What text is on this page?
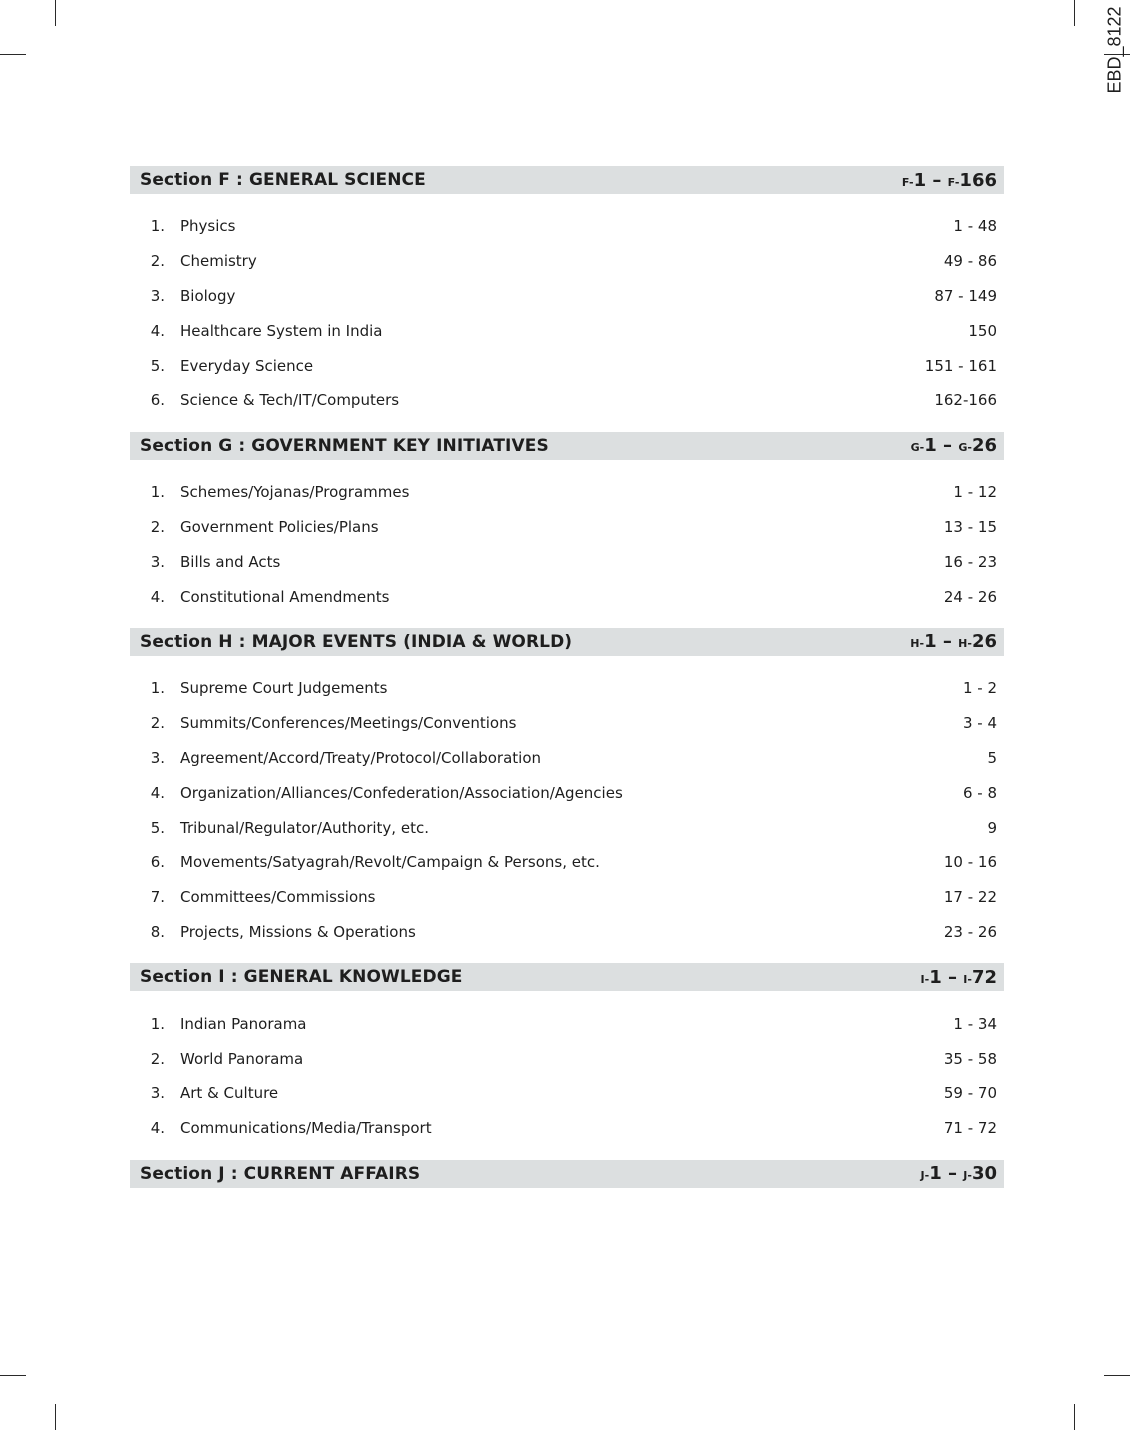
EBD_8122
Section F : GENERAL SCIENCE	F-1 – F-166
1.	Physics	1 - 48
2.	Chemistry	49 - 86
3.	Biology	87 - 149
4.	Healthcare System in India	150
5.	Everyday Science	151 - 161
6.	Science & Tech/IT/Computers	162-166
Section G : GOVERNMENT KEY INITIATIVES	G-1 – G-26
1.	Schemes/Yojanas/Programmes	1 - 12
2.	Government Policies/Plans	13 - 15
3.	Bills and Acts	16 - 23
4.	Constitutional Amendments	24 - 26
Section H : MAJOR EVENTS (INDIA & WORLD)	H-1 – H-26
1.	Supreme Court Judgements	1 - 2
2.	Summits/Conferences/Meetings/Conventions	3 - 4
3.	Agreement/Accord/Treaty/Protocol/Collaboration	5
4.	Organization/Alliances/Confederation/Association/Agencies	6 - 8
5.	Tribunal/Regulator/Authority, etc.	9
6.	Movements/Satyagrah/Revolt/Campaign & Persons, etc.	10 - 16
7.	Committees/Commissions	17 - 22
8.	Projects, Missions & Operations	23 - 26
Section I : GENERAL KNOWLEDGE	I-1 – I-72
1.	Indian Panorama	1 - 34
2.	World Panorama	35 - 58
3.	Art & Culture	59 - 70
4.	Communications/Media/Transport	71 - 72
Section J : CURRENT AFFAIRS	J-1 – J-30
